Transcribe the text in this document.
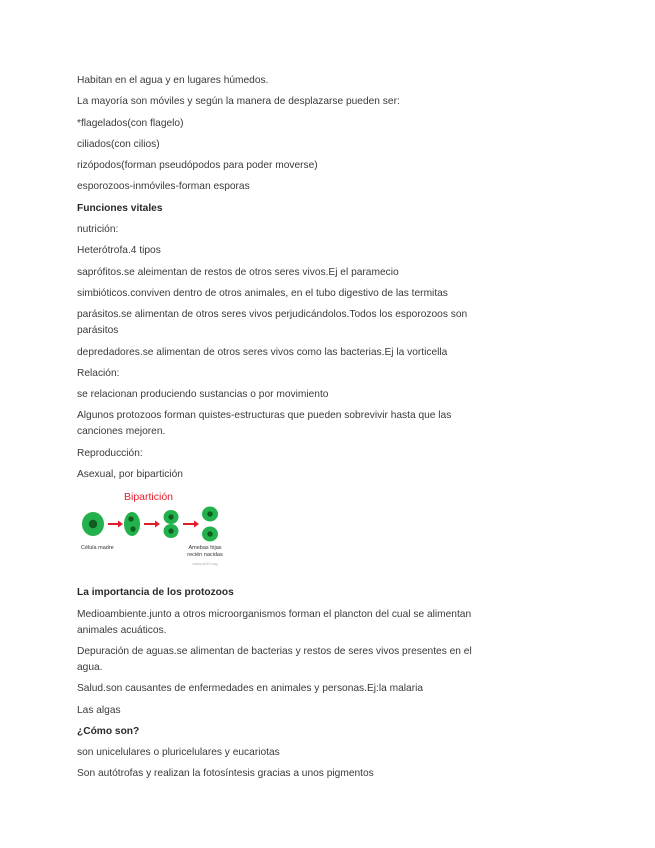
Habitan en el agua y en lugares húmedos.

La mayoría son móviles y según la manera de desplazarse pueden ser:

*flagelados(con flagelo)

ciliados(con cilios)

rizópodos(forman pseudópodos para poder moverse)

esporozoos-inmóviles-forman esporas

Funciones vitales

nutrición:

Heterótrofa.4 tipos

saprófitos.se aleimentan de restos de otros seres vivos.Ej el paramecio

simbióticos.conviven dentro de otros animales, en el tubo digestivo de las termitas

parásitos.se alimentan de otros seres vivos perjudicándolos.Todos los esporozoos son parásitos

depredadores.se alimentan de otros seres vivos como las bacterias.Ej la vorticella

Relación:

se relacionan produciendo sustancias o por movimiento

Algunos protozoos forman quistes-estructuras que pueden sobrevivir hasta que las canciones mejoren.

Reproducción:

Asexual, por bipartición

Bipartición
Célula madre	Amebas hijas
recién nacidas
www.ck12.org

La importancia de los protozoos

Medioambiente.junto a otros microorganismos forman el plancton del cual se alimentan animales acuáticos.

Depuración de aguas.se alimentan de bacterias y restos de seres vivos presentes en el agua.

Salud.son causantes de enfermedades en animales y personas.Ej:la malaria

Las algas

¿Cómo son?

son unicelulares o pluricelulares y eucariotas

Son autótrofas y realizan la fotosíntesis gracias a unos pigmentos
